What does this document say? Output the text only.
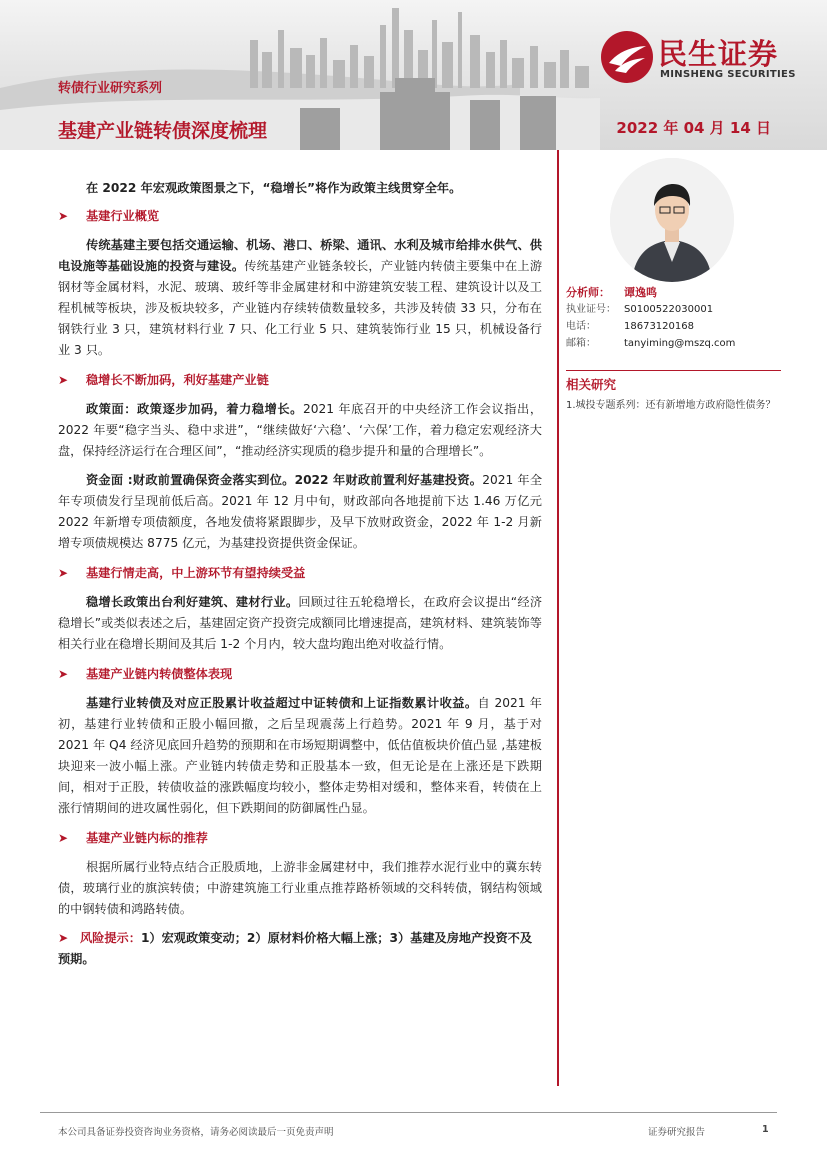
转债行业研究系列
基建产业链转债深度梳理	2022 年 04 月 14 日
民生证券
MINSHENG SECURITIES

在 2022 年宏观政策图景之下，“稳增长”将作为政策主线贯穿全年。

➤	基建行业概览

传统基建主要包括交通运输、机场、港口、桥梁、通讯、水利及城市给排水供气、供电设施等基础设施的投资与建设。传统基建产业链条较长，产业链内转债主要集中在上游钢材等金属材料，水泥、玻璃、玻纤等非金属建材和中游建筑安装工程、建筑设计以及工程机械等板块，涉及板块较多，产业链内存续转债数量较多，共涉及转债 33 只，分布在钢铁行业 3 只，建筑材料行业 7 只、化工行业 5 只、建筑装饰行业 15 只，机械设备行业 3 只。

➤	稳增长不断加码，利好基建产业链

政策面：政策逐步加码，着力稳增长。2021 年底召开的中央经济工作会议指出，2022 年要“稳字当头、稳中求进”，“继续做好‘六稳’、‘六保’工作，着力稳定宏观经济大盘，保持经济运行在合理区间”，“推动经济实现质的稳步提升和量的合理增长”。

资金面 :财政前置确保资金落实到位。2022 年财政前置利好基建投资。2021 年全年专项债发行呈现前低后高。2021 年 12 月中旬，财政部向各地提前下达 1.46 万亿元 2022 年新增专项债额度，各地发债将紧跟脚步，及早下放财政资金，2022 年 1-2 月新增专项债规模达 8775 亿元，为基建投资提供资金保证。

➤	基建行情走高，中上游环节有望持续受益

稳增长政策出台利好建筑、建材行业。回顾过往五轮稳增长，在政府会议提出“经济稳增长”或类似表述之后，基建固定资产投资完成额同比增速提高，建筑材料、建筑装饰等相关行业在稳增长期间及其后 1-2 个月内，较大盘均跑出绝对收益行情。

➤	基建产业链内转债整体表现

基建行业转债及对应正股累计收益超过中证转债和上证指数累计收益。自 2021 年初，基建行业转债和正股小幅回撤，之后呈现震荡上行趋势。2021 年 9 月，基于对 2021 年 Q4 经济见底回升趋势的预期和在市场短期调整中，低估值板块价值凸显 ,基建板块迎来一波小幅上涨。产业链内转债走势和正股基本一致，但无论是在上涨还是下跌期间，相对于正股，转债收益的涨跌幅度均较小，整体走势相对缓和，整体来看，转债在上涨行情期间的进攻属性弱化，但下跌期间的防御属性凸显。

➤	基建产业链内标的推荐

根据所属行业特点结合正股质地，上游非金属建材中，我们推荐水泥行业中的冀东转债，玻璃行业的旗滨转债；中游建筑施工行业重点推荐路桥领域的交科转债，钢结构领域的中钢转债和鸿路转债。

➤ 风险提示：1）宏观政策变动；2）原材料价格大幅上涨；3）基建及房地产投资不及预期。

分析师：	谭逸鸣
执业证号： S0100522030001
电话：	18673120168
邮箱：	tanyiming@mszq.com
相关研究
1.城投专题系列：还有新增地方政府隐性债务？
本公司具备证券投资咨询业务资格，请务必阅读最后一页免责声明	证券研究报告	1
